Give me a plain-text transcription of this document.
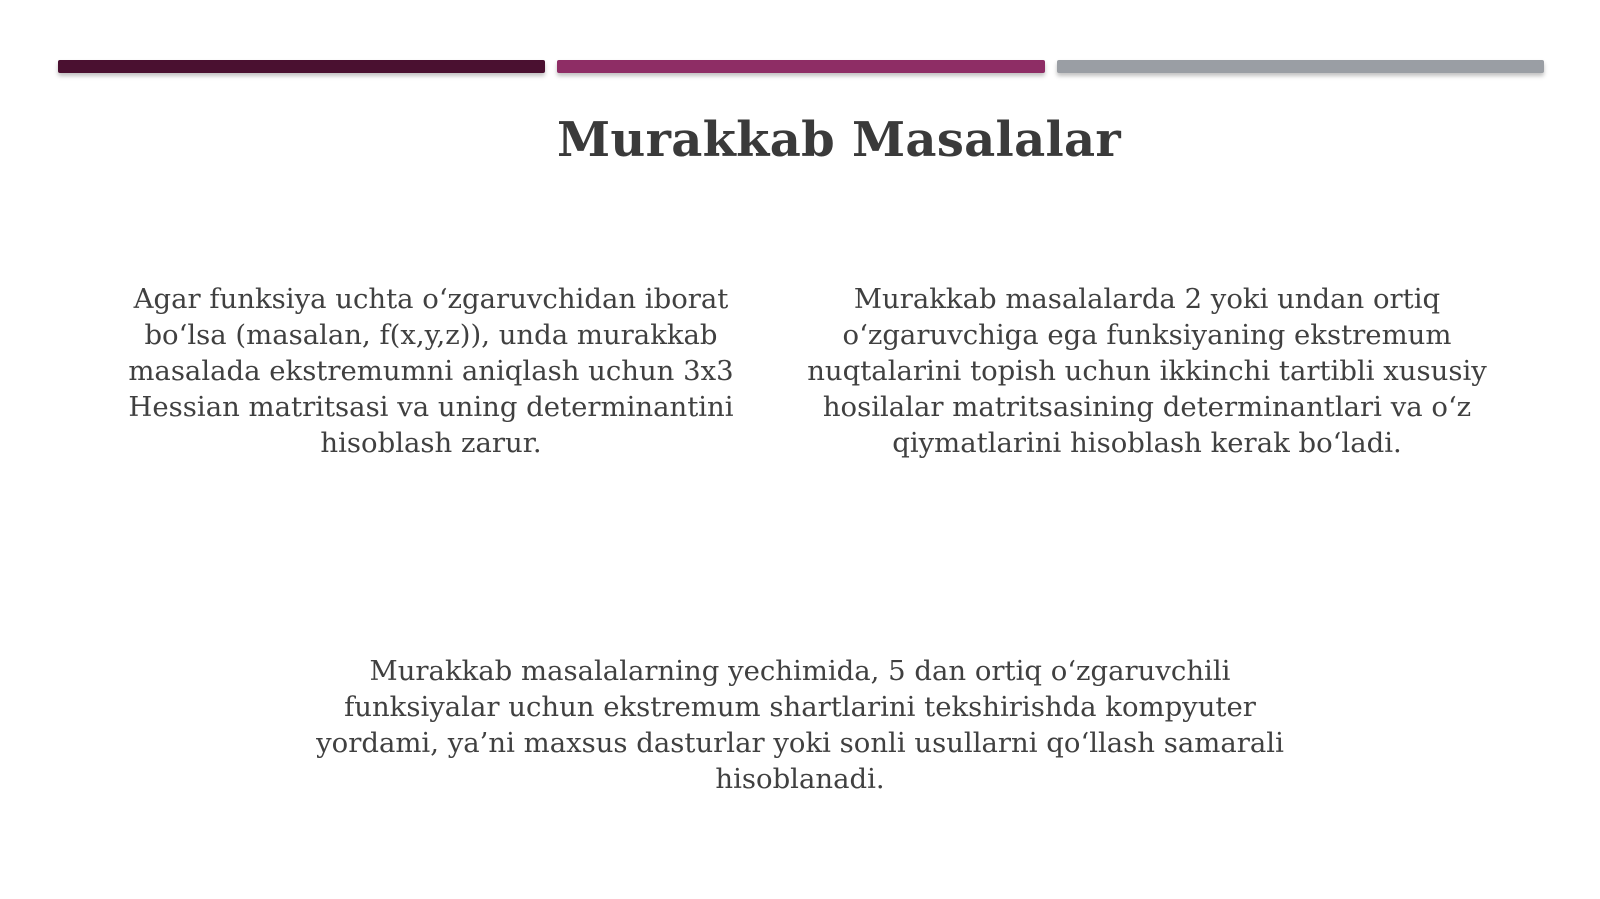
Murakkab Masalalar

Agar funksiya uchta o‘zgaruvchidan iborat bo‘lsa (masalan, f(x,y,z)), unda murakkab masalada ekstremumni aniqlash uchun 3x3 Hessian matritsasi va uning determinantini hisoblash zarur.

Murakkab masalalarda 2 yoki undan ortiq o‘zgaruvchiga ega funksiyaning ekstremum nuqtalarini topish uchun ikkinchi tartibli xususiy hosilalar matritsasining determinantlari va o‘z qiymatlarini hisoblash kerak bo‘ladi.

Murakkab masalalarning yechimida, 5 dan ortiq o‘zgaruvchili funksiyalar uchun ekstremum shartlarini tekshirishda kompyuter yordami, ya’ni maxsus dasturlar yoki sonli usullarni qo‘llash samarali hisoblanadi.
